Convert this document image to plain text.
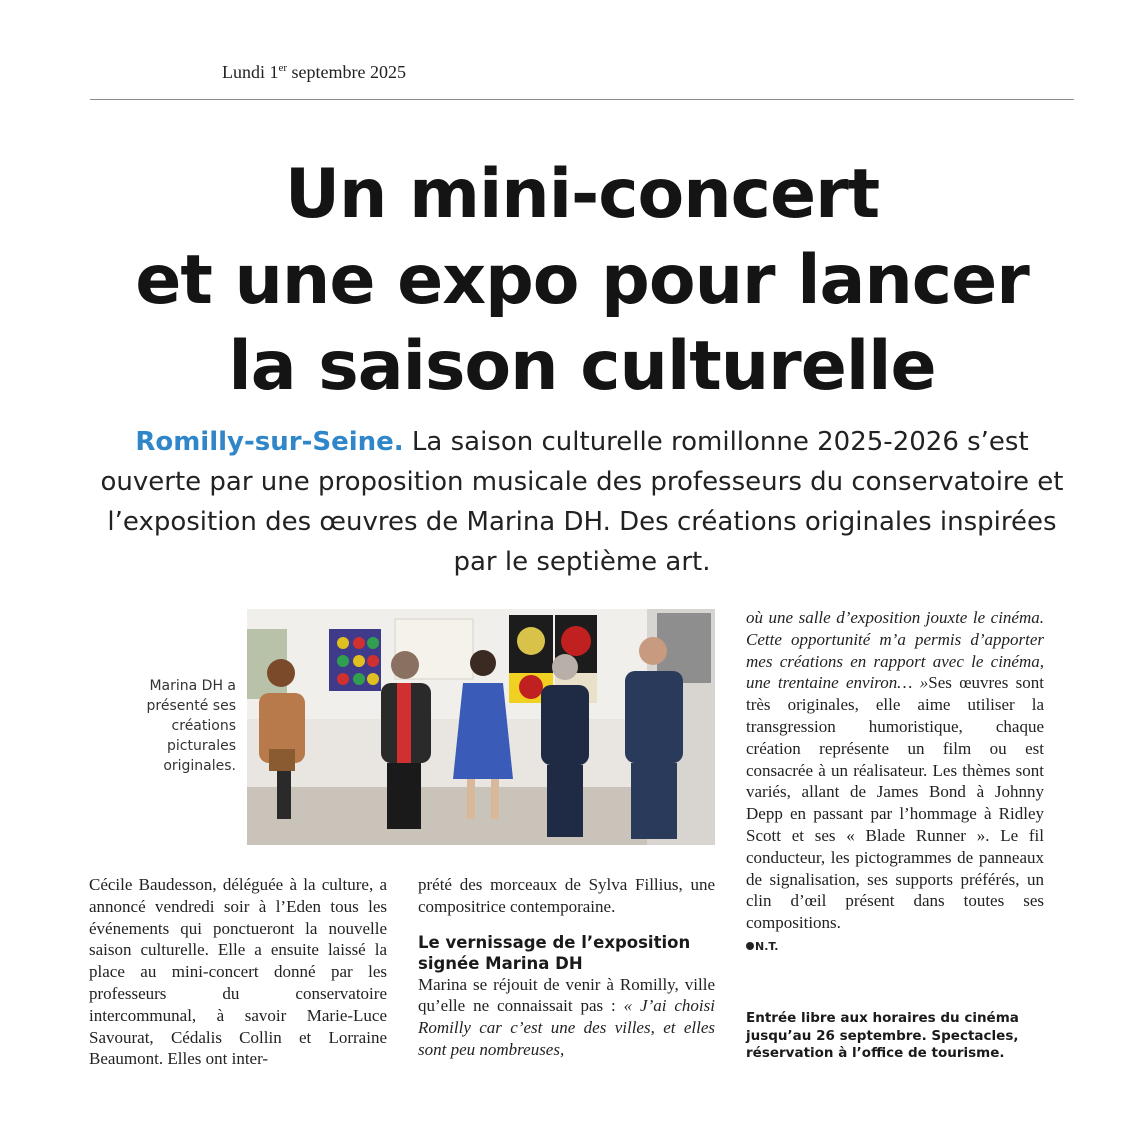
Lundi 1er septembre 2025
Un mini-concert
et une expo pour lancer
la saison culturelle
Romilly-sur-Seine. La saison culturelle romillonne 2025-2026 s’est ouverte par une proposition musicale des professeurs du conservatoire et l’exposition des œuvres de Marina DH. Des créations originales inspirées par le septième art.
Marina DH a présenté ses créations picturales originales.
Cécile Baudesson, déléguée à la culture, a annoncé vendredi soir à l’Eden tous les événements qui ponctueront la nouvelle saison culturelle. Elle a ensuite laissé la place au mini-concert donné par les professeurs du conservatoire intercommunal, à savoir Marie-Luce Savourat, Cédalis Collin et Lorraine Beaumont. Elles ont inter-
prété des morceaux de Sylva Fillius, une compositrice contemporaine.
Le vernissage de l’exposition signée Marina DH
Marina se réjouit de venir à Romilly, ville qu’elle ne connaissait pas : « J’ai choisi Romilly car c’est une des villes, et elles sont peu nombreuses,
où une salle d’exposition jouxte le cinéma. Cette opportunité m’a permis d’apporter mes créations en rapport avec le cinéma, une trentaine environ… »Ses œuvres sont très originales, elle aime utiliser la transgression humoristique, chaque création représente un film ou est consacrée à un réalisateur. Les thèmes sont variés, allant de James Bond à Johnny Depp en passant par l’hommage à Ridley Scott et ses « Blade Runner ». Le fil conducteur, les pictogrammes de panneaux de signalisation, ses supports préférés, un clin d’œil présent dans toutes ses compositions.
N.T.
Entrée libre aux horaires du cinéma jusqu’au 26 septembre. Spectacles, réservation à l’office de tourisme.
